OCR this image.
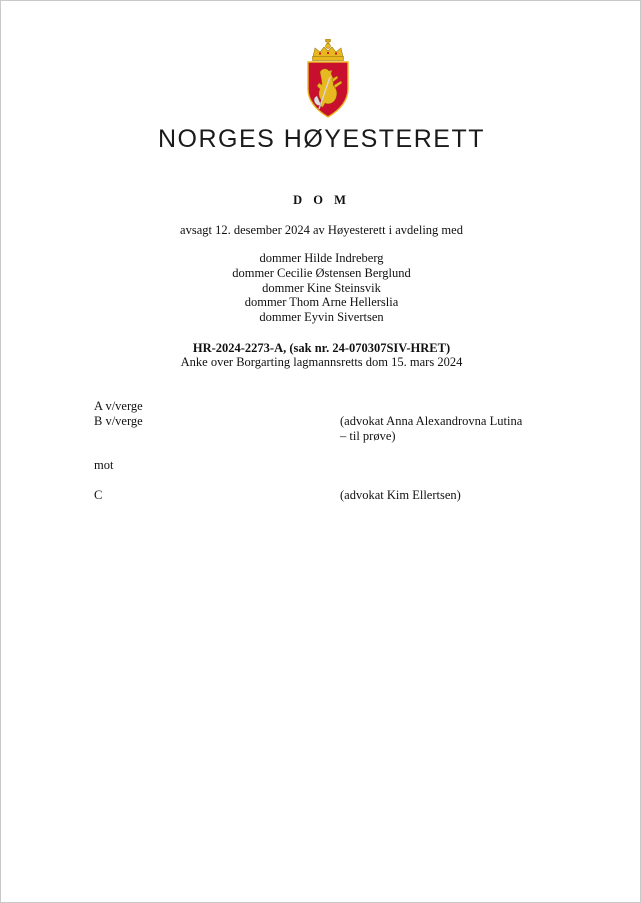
NORGES HØYESTERETT
D O M
avsagt 12. desember 2024 av Høyesterett i avdeling med
dommer Hilde Indreberg
dommer Cecilie Østensen Berglund
dommer Kine Steinsvik
dommer Thom Arne Hellerslia
dommer Eyvin Sivertsen
HR-2024-2273-A, (sak nr. 24-070307SIV-HRET)
Anke over Borgarting lagmannsretts dom 15. mars 2024
A v/verge
B v/verge	(advokat Anna Alexandrovna Lutina
– til prøve)
mot
C	(advokat Kim Ellertsen)
